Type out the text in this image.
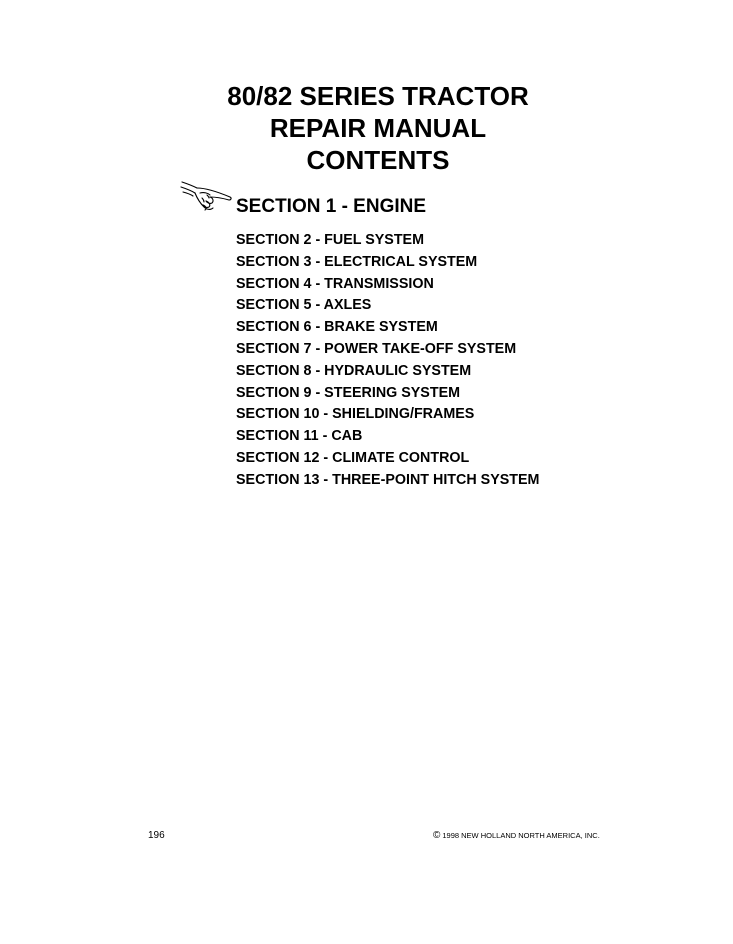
80/82 SERIES TRACTOR

REPAIR MANUAL

CONTENTS

SECTION 1 - ENGINE
SECTION 2 - FUEL SYSTEM
SECTION 3 - ELECTRICAL SYSTEM
SECTION 4 - TRANSMISSION
SECTION 5 - AXLES
SECTION 6 - BRAKE SYSTEM
SECTION 7 - POWER TAKE-OFF SYSTEM
SECTION 8 - HYDRAULIC SYSTEM
SECTION 9 - STEERING SYSTEM
SECTION 10 - SHIELDING/FRAMES
SECTION 11 - CAB
SECTION 12 - CLIMATE CONTROL
SECTION 13 - THREE-POINT HITCH SYSTEM
196	© 1998 NEW HOLLAND NORTH AMERICA, INC.
